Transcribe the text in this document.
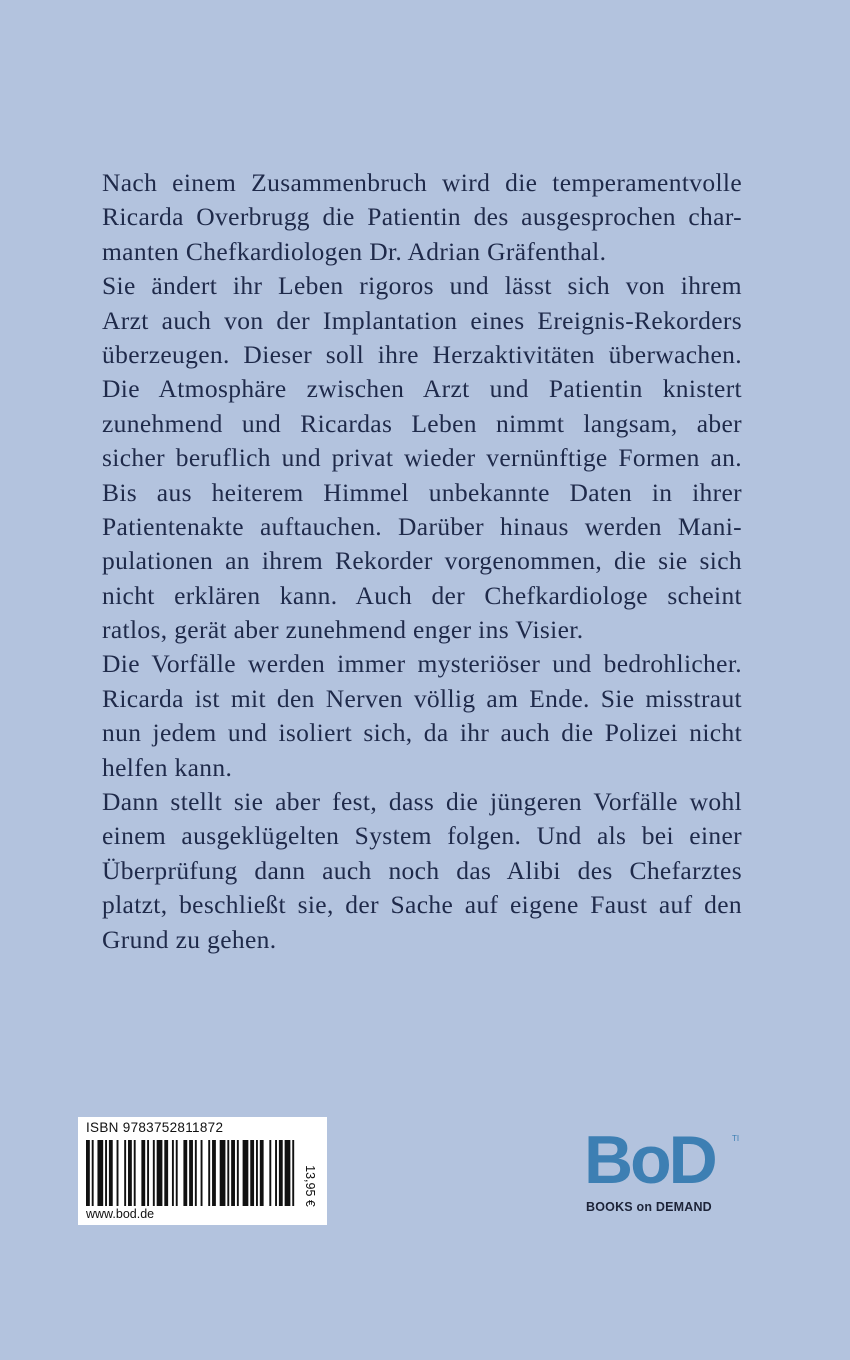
Nach einem Zusammenbruch wird die temperamentvolle
Ricarda Overbrugg die Patientin des ausgesprochen char-
manten Chefkardiologen Dr. Adrian Gräfenthal.
Sie ändert ihr Leben rigoros und lässt sich von ihrem
Arzt auch von der Implantation eines Ereignis-Rekorders
überzeugen. Dieser soll ihre Herzaktivitäten überwachen.
Die Atmosphäre zwischen Arzt und Patientin knistert
zunehmend und Ricardas Leben nimmt langsam, aber
sicher beruflich und privat wieder vernünftige Formen an.
Bis aus heiterem Himmel unbekannte Daten in ihrer
Patientenakte auftauchen. Darüber hinaus werden Mani-
pulationen an ihrem Rekorder vorgenommen, die sie sich
nicht erklären kann. Auch der Chefkardiologe scheint
ratlos, gerät aber zunehmend enger ins Visier.
Die Vorfälle werden immer mysteriöser und bedrohlicher.
Ricarda ist mit den Nerven völlig am Ende. Sie misstraut
nun jedem und isoliert sich, da ihr auch die Polizei nicht
helfen kann.
Dann stellt sie aber fest, dass die jüngeren Vorfälle wohl
einem ausgeklügelten System folgen. Und als bei einer
Überprüfung dann auch noch das Alibi des Chefarztes
platzt, beschließt sie, der Sache auf eigene Faust auf den
Grund zu gehen.
ISBN 9783752811872
13,95 €
www.bod.de
BoD TI
BOOKS on DEMAND
